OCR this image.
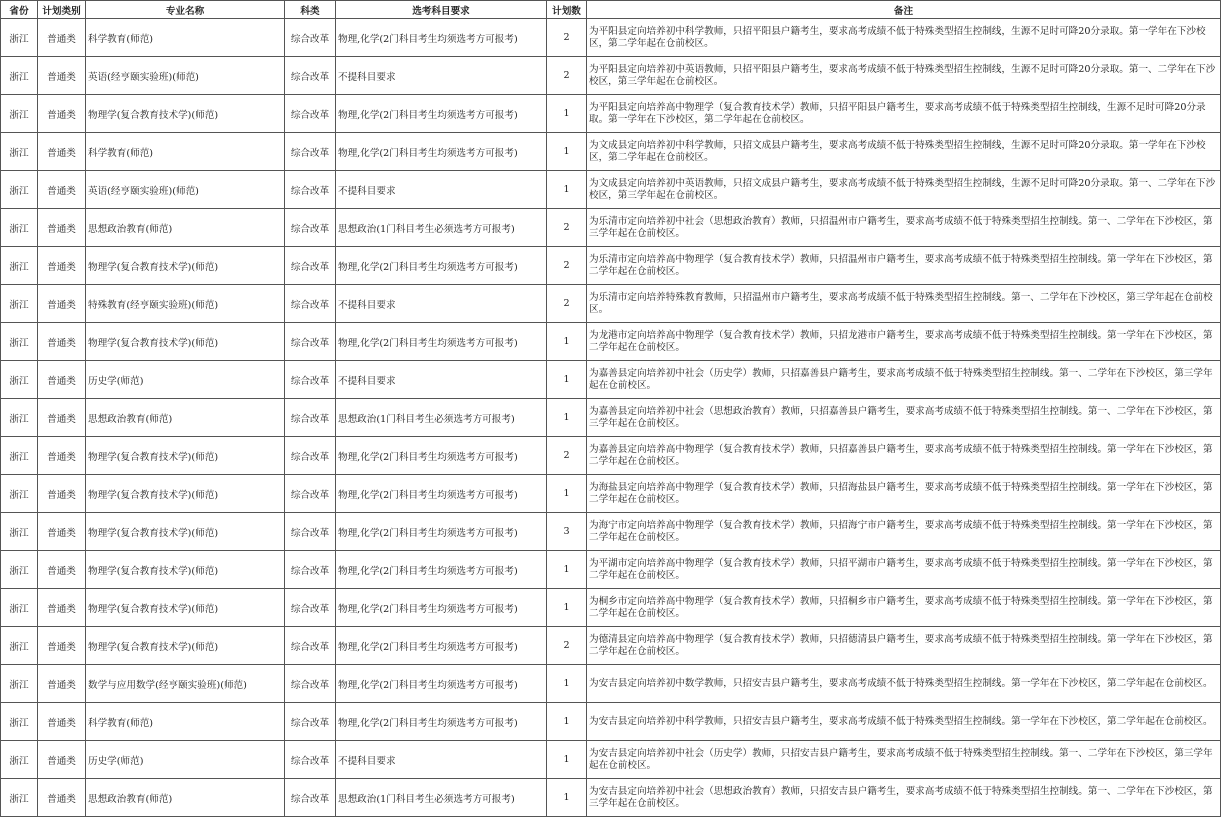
省份	计划类别	专业名称	科类	选考科目要求	计划数	备注
浙江	普通类	科学教育(师范)	综合改革	物理,化学(2门科目考生均须选考方可报考)	2	为平阳县定向培养初中科学教师，只招平阳县户籍考生，要求高考成绩不低于特殊类型招生控制线，生源不足时可降20分录取。第一学年在下沙校区，第二学年起在仓前校区。
浙江	普通类	英语(经亨颐实验班)(师范)	综合改革	不提科目要求	2	为平阳县定向培养初中英语教师，只招平阳县户籍考生，要求高考成绩不低于特殊类型招生控制线，生源不足时可降20分录取。第一、二学年在下沙校区，第三学年起在仓前校区。
浙江	普通类	物理学(复合教育技术学)(师范)	综合改革	物理,化学(2门科目考生均须选考方可报考)	1	为平阳县定向培养高中物理学（复合教育技术学）教师，只招平阳县户籍考生，要求高考成绩不低于特殊类型招生控制线，生源不足时可降20分录取。第一学年在下沙校区，第二学年起在仓前校区。
浙江	普通类	科学教育(师范)	综合改革	物理,化学(2门科目考生均须选考方可报考)	1	为文成县定向培养初中科学教师，只招文成县户籍考生，要求高考成绩不低于特殊类型招生控制线，生源不足时可降20分录取。第一学年在下沙校区，第二学年起在仓前校区。
浙江	普通类	英语(经亨颐实验班)(师范)	综合改革	不提科目要求	1	为文成县定向培养初中英语教师，只招文成县户籍考生，要求高考成绩不低于特殊类型招生控制线，生源不足时可降20分录取。第一、二学年在下沙校区，第三学年起在仓前校区。
浙江	普通类	思想政治教育(师范)	综合改革	思想政治(1门科目考生必须选考方可报考)	2	为乐清市定向培养初中社会（思想政治教育）教师，只招温州市户籍考生，要求高考成绩不低于特殊类型招生控制线。第一、二学年在下沙校区，第三学年起在仓前校区。
浙江	普通类	物理学(复合教育技术学)(师范)	综合改革	物理,化学(2门科目考生均须选考方可报考)	2	为乐清市定向培养高中物理学（复合教育技术学）教师，只招温州市户籍考生，要求高考成绩不低于特殊类型招生控制线。第一学年在下沙校区，第二学年起在仓前校区。
浙江	普通类	特殊教育(经亨颐实验班)(师范)	综合改革	不提科目要求	2	为乐清市定向培养特殊教育教师，只招温州市户籍考生，要求高考成绩不低于特殊类型招生控制线。第一、二学年在下沙校区，第三学年起在仓前校区。
浙江	普通类	物理学(复合教育技术学)(师范)	综合改革	物理,化学(2门科目考生均须选考方可报考)	1	为龙港市定向培养高中物理学（复合教育技术学）教师，只招龙港市户籍考生，要求高考成绩不低于特殊类型招生控制线。第一学年在下沙校区，第二学年起在仓前校区。
浙江	普通类	历史学(师范)	综合改革	不提科目要求	1	为嘉善县定向培养初中社会（历史学）教师，只招嘉善县户籍考生，要求高考成绩不低于特殊类型招生控制线。第一、二学年在下沙校区，第三学年起在仓前校区。
浙江	普通类	思想政治教育(师范)	综合改革	思想政治(1门科目考生必须选考方可报考)	1	为嘉善县定向培养初中社会（思想政治教育）教师，只招嘉善县户籍考生，要求高考成绩不低于特殊类型招生控制线。第一、二学年在下沙校区，第三学年起在仓前校区。
浙江	普通类	物理学(复合教育技术学)(师范)	综合改革	物理,化学(2门科目考生均须选考方可报考)	2	为嘉善县定向培养高中物理学（复合教育技术学）教师，只招嘉善县户籍考生，要求高考成绩不低于特殊类型招生控制线。第一学年在下沙校区，第二学年起在仓前校区。
浙江	普通类	物理学(复合教育技术学)(师范)	综合改革	物理,化学(2门科目考生均须选考方可报考)	1	为海盐县定向培养高中物理学（复合教育技术学）教师，只招海盐县户籍考生，要求高考成绩不低于特殊类型招生控制线。第一学年在下沙校区，第二学年起在仓前校区。
浙江	普通类	物理学(复合教育技术学)(师范)	综合改革	物理,化学(2门科目考生均须选考方可报考)	3	为海宁市定向培养高中物理学（复合教育技术学）教师，只招海宁市户籍考生，要求高考成绩不低于特殊类型招生控制线。第一学年在下沙校区，第二学年起在仓前校区。
浙江	普通类	物理学(复合教育技术学)(师范)	综合改革	物理,化学(2门科目考生均须选考方可报考)	1	为平湖市定向培养高中物理学（复合教育技术学）教师，只招平湖市户籍考生，要求高考成绩不低于特殊类型招生控制线。第一学年在下沙校区，第二学年起在仓前校区。
浙江	普通类	物理学(复合教育技术学)(师范)	综合改革	物理,化学(2门科目考生均须选考方可报考)	1	为桐乡市定向培养高中物理学（复合教育技术学）教师，只招桐乡市户籍考生，要求高考成绩不低于特殊类型招生控制线。第一学年在下沙校区，第二学年起在仓前校区。
浙江	普通类	物理学(复合教育技术学)(师范)	综合改革	物理,化学(2门科目考生均须选考方可报考)	2	为德清县定向培养高中物理学（复合教育技术学）教师，只招德清县户籍考生，要求高考成绩不低于特殊类型招生控制线。第一学年在下沙校区，第二学年起在仓前校区。
浙江	普通类	数学与应用数学(经亨颐实验班)(师范)	综合改革	物理,化学(2门科目考生均须选考方可报考)	1	为安吉县定向培养初中数学教师，只招安吉县户籍考生，要求高考成绩不低于特殊类型招生控制线。第一学年在下沙校区，第二学年起在仓前校区。
浙江	普通类	科学教育(师范)	综合改革	物理,化学(2门科目考生均须选考方可报考)	1	为安吉县定向培养初中科学教师，只招安吉县户籍考生，要求高考成绩不低于特殊类型招生控制线。第一学年在下沙校区，第二学年起在仓前校区。
浙江	普通类	历史学(师范)	综合改革	不提科目要求	1	为安吉县定向培养初中社会（历史学）教师，只招安吉县户籍考生，要求高考成绩不低于特殊类型招生控制线。第一、二学年在下沙校区，第三学年起在仓前校区。
浙江	普通类	思想政治教育(师范)	综合改革	思想政治(1门科目考生必须选考方可报考)	1	为安吉县定向培养初中社会（思想政治教育）教师，只招安吉县户籍考生，要求高考成绩不低于特殊类型招生控制线。第一、二学年在下沙校区，第三学年起在仓前校区。
